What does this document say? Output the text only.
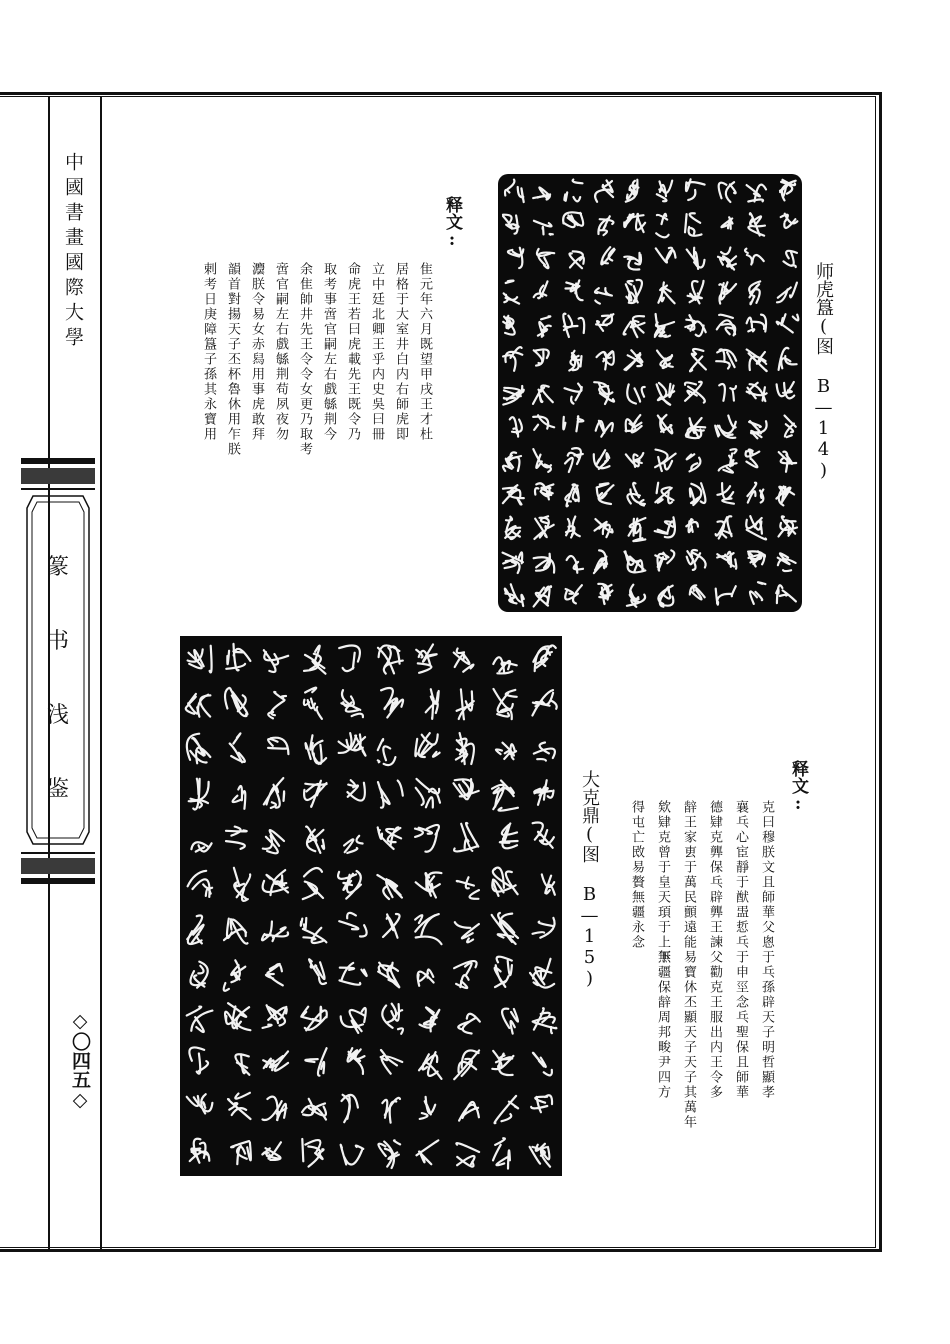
中國書畫國際大學
篆
书
浅
鉴
◇〇四五◇
师虎簋(图 B—14)
释文:
隹元年六月既望甲戌王才杜
居格于大室井白内右師虎即
立中廷北卿王乎内史吳曰冊
命虎王若曰虎載先王既令乃
取考事啻官嗣左右戲緐荆今
余隹帥井先王令令女更乃取考
啻官嗣左右戲緐荆苟夙夜勿
灋朕令易女赤舄用事虎敢拜
韻首對揚天子丕杯魯休用乍朕
剌考日庚障簋子孫其永寶用
大克鼎(图 B—15)	释文:
克曰穆朕文且師華父悤
襄乓心宦靜于猷盄悊乓
德肄克龏保乓辟龏王諫
辪王家叀于萬民顫遠能
欸肄克曾于皇天頊于上下
得屯亡敃易贅無疆永念
于乓孫辟天子明哲顯孝
于申巠念乓聖保且師華
父勸克王服出内王令多
易寶休丕顯天子天子其萬年
無疆保辪周邦畯尹四方
